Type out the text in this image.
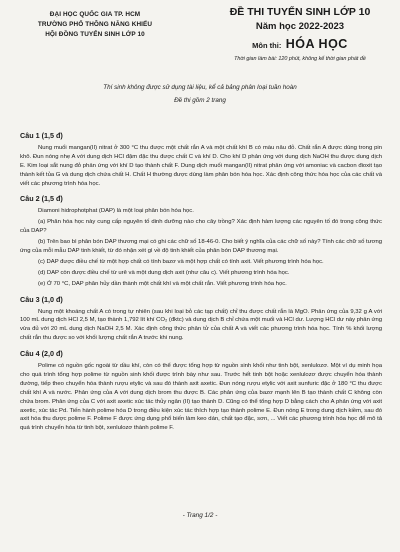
ĐẠI HỌC QUỐC GIA TP. HCM
TRƯỜNG PHỔ THÔNG NĂNG KHIẾU
HỘI ĐỒNG TUYỂN SINH LỚP 10
ĐỀ THI TUYỂN SINH LỚP 10
Năm học 2022-2023
Môn thi: HÓA HỌC
Thời gian làm bài: 120 phút, không kể thời gian phát đề
Thí sinh không được sử dụng tài liệu, kể cả bảng phân loại tuần hoàn
Đề thi gồm 2 trang
Câu 1 (1,5 đ)

Nung muối mangan(II) nitrat ở 300 °C thu được một chất rắn A và một chất khí B có màu nâu đỏ. Chất rắn A được dùng trong pin khô. Đun nóng nhẹ A với dung dịch HCl đậm đặc thu được chất C và khí D. Cho khí D phản ứng với dung dịch NaOH thu được dung dịch E. Kim loại sắt nung đỏ phản ứng với khí D tạo thành chất F. Dung dịch muối mangan(II) nitrat phản ứng với amoniac và cacbon đioxit tạo thành kết tủa G và dung dịch chứa chất H. Chất H thường được dùng làm phân bón hóa học. Xác định công thức hóa học của các chất và viết các phương trình hóa học.

Câu 2 (1,5 đ)

Diamoni hidrophotphat (DAP) là một loại phân bón hóa học.

(a) Phân hóa học này cung cấp nguyên tố dinh dưỡng nào cho cây trồng? Xác định hàm lượng các nguyên tố đó trong công thức của DAP?

(b) Trên bao bì phân bón DAP thương mại có ghi các chữ số 18-46-0. Cho biết ý nghĩa của các chữ số này? Tính các chữ số tương ứng của mỗi mẫu DAP tinh khiết, từ đó nhận xét gì về độ tinh khiết của phân bón DAP thương mại.

(c) DAP được điều chế từ một hợp chất có tính bazơ và một hợp chất có tính axit. Viết phương trình hóa học.

(d) DAP còn được điều chế từ urê và một dung dịch axit (như câu c). Viết phương trình hóa học.

(e) Ở 70 °C, DAP phân hủy dần thành một chất khí và một chất rắn. Viết phương trình hóa học.

Câu 3 (1,0 đ)

Nung một khoáng chất A có trong tự nhiên (sau khi loại bỏ các tạp chất) chỉ thu được chất rắn là MgO. Phản ứng của 9,32 g A với 100 mL dung dịch HCl 2,5 M, tạo thành 1,792 lít khí CO₂ (đktc) và dung dịch B chỉ chứa một muối và HCl dư. Lượng HCl dư này phản ứng vừa đủ với 20 mL dung dịch NaOH 2,5 M. Xác định công thức phân tử của chất A và viết các phương trình hóa học. Tính % khối lượng chất rắn thu được so với khối lượng chất rắn A trước khi nung.

Câu 4 (2,0 đ)

Polime có nguồn gốc ngoài từ dầu khí, còn có thể được tổng hợp từ nguồn sinh khối như tinh bột, xenlulozơ. Một ví dụ minh họa cho quá trình tổng hợp polime từ nguồn sinh khối được trình bày như sau. Trước hết tinh bột hoặc xenlulozơ được chuyển hóa thành đường, tiếp theo chuyển hóa thành rượu etylic và sau đó thành axit axetic. Đun nóng rượu etylic với axit sunfuric đặc ở 180 °C thu được chất khí A và nước. Phản ứng của A với dung dịch brom thu được B. Các phản ứng của bazơ mạnh lên B tạo thành chất C không còn chứa brom. Phản ứng của C với axit axetic xúc tác thủy ngân (II) tạo thành D. Cũng có thể tổng hợp D bằng cách cho A phản ứng với axit axetic, xúc tác Pd. Tiến hành polime hóa D trong điều kiện xúc tác thích hợp tạo thành polime E. Đun nóng E trong dung dịch kiềm, sau đó axit hóa thu được polime F. Polime F được ứng dụng phổ biến làm keo dán, chất tạo đặc, sơn, ... Viết các phương trình hóa học để mô tả quá trình chuyển hóa từ tinh bột, xenlulozơ thành polime F.

- Trang 1/2 -
